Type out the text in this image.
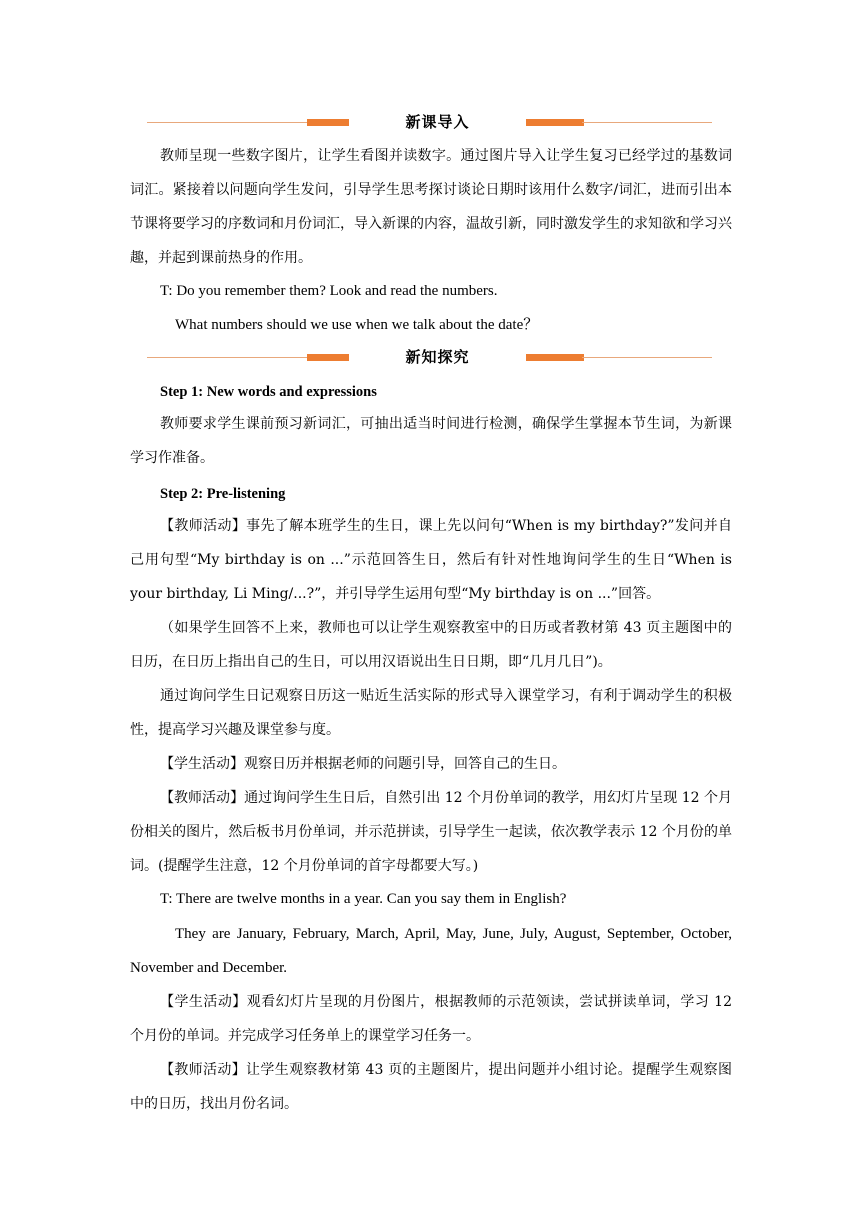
新课导入

教师呈现一些数字图片，让学生看图并读数字。通过图片导入让学生复习已经学过的基数词词汇。紧接着以问题向学生发问，引导学生思考探讨谈论日期时该用什么数字/词汇，进而引出本节课将要学习的序数词和月份词汇，导入新课的内容，温故引新，同时激发学生的求知欲和学习兴趣，并起到课前热身的作用。

T: Do you remember them? Look and read the numbers.
What numbers should we use when we talk about the date？
新知探究
Step 1: New words and expressions

教师要求学生课前预习新词汇，可抽出适当时间进行检测，确保学生掌握本节生词，为新课学习作准备。

Step 2: Pre-listening

【教师活动】事先了解本班学生的生日，课上先以问句“When is my birthday?”发问并自己用句型“My birthday is on ...”示范回答生日，然后有针对性地询问学生的生日“When is your birthday, Li Ming/...?”，并引导学生运用句型“My birthday is on ...”回答。

（如果学生回答不上来，教师也可以让学生观察教室中的日历或者教材第 43 页主题图中的日历，在日历上指出自己的生日，可以用汉语说出生日日期，即“几月几日”)。

通过询问学生日记观察日历这一贴近生活实际的形式导入课堂学习，有利于调动学生的积极性，提高学习兴趣及课堂参与度。

【学生活动】观察日历并根据老师的问题引导，回答自己的生日。

【教师活动】通过询问学生生日后，自然引出 12 个月份单词的教学，用幻灯片呈现 12 个月份相关的图片，然后板书月份单词，并示范拼读，引导学生一起读，依次教学表示 12 个月份的单词。(提醒学生注意，12 个月份单词的首字母都要大写。)

T: There are twelve months in a year. Can you say them in English?

They are January, February, March, April, May, June, July, August, September, October, November and December.

【学生活动】观看幻灯片呈现的月份图片，根据教师的示范领读，尝试拼读单词，学习 12 个月份的单词。并完成学习任务单上的课堂学习任务一。

【教师活动】让学生观察教材第 43 页的主题图片，提出问题并小组讨论。提醒学生观察图中的日历，找出月份名词。
